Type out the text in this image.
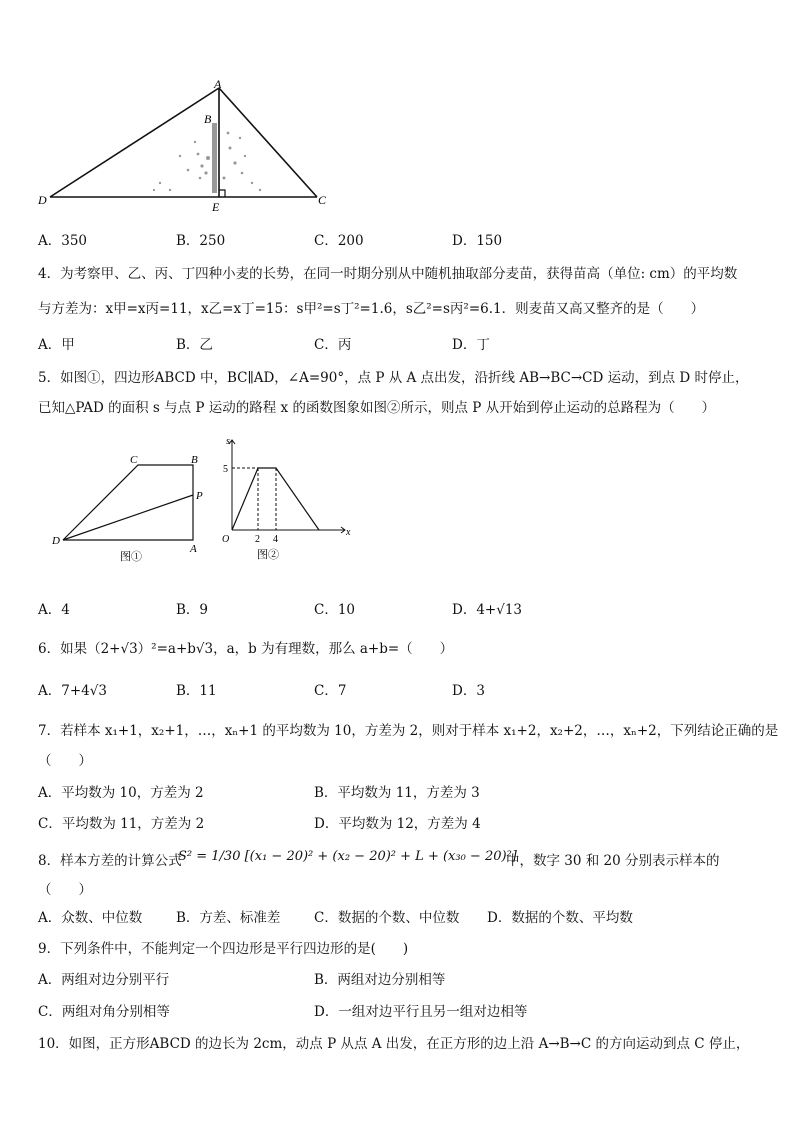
A
B
C
D	E
A．350	B．250	C．200	D．150
4．为考察甲、乙、丙、丁四种小麦的长势，在同一时期分别从中随机抽取部分麦苗，获得苗高（单位: cm）的平均数
与方差为：x甲=x丙=11，x乙=x丁=15：s甲²=s丁²=1.6，s乙²=s丙²=6.1．则麦苗又高又整齐的是（　　）
A．甲	B．乙	C．丙	D．丁
5．如图①，四边形ABCD 中，BC∥AD，∠A=90°，点 P 从 A 点出发，沿折线 AB→BC→CD 运动，到点 D 时停止，
已知△PAD 的面积 s 与点 P 运动的路程 x 的函数图象如图②所示，则点 P 从开始到停止运动的总路程为（　　）
C	B
P
D
A
图①
s
x
O
5
2 4
图②
A．4	B．9	C．10	D．4+√13
6．如果（2+√3）²=a+b√3，a，b 为有理数，那么 a+b=（　　）
A．7+4√3	B．11	C．7	D．3
7．若样本 x₁+1，x₂+1，…，xₙ+1 的平均数为 10，方差为 2，则对于样本 x₁+2，x₂+2，…，xₙ+2，下列结论正确的是
（　　）
A．平均数为 10，方差为 2	B．平均数为 11，方差为 3
C．平均数为 11，方差为 2	D．平均数为 12，方差为 4
8．样本方差的计算公式
S² = 1/30 [(x₁ − 20)² + (x₂ − 20)² + L + (x₃₀ − 20)²]
中，数字 30 和 20 分别表示样本的
（　　）
A．众数、中位数	B．方差、标准差 C．数据的个数、中位数 D．数据的个数、平均数
9．下列条件中，不能判定一个四边形是平行四边形的是(　　)
A．两组对边分别平行	B．两组对边分别相等
C．两组对角分别相等	D．一组对边平行且另一组对边相等
10．如图，正方形ABCD 的边长为 2cm，动点 P 从点 A 出发，在正方形的边上沿 A→B→C 的方向运动到点 C 停止，
